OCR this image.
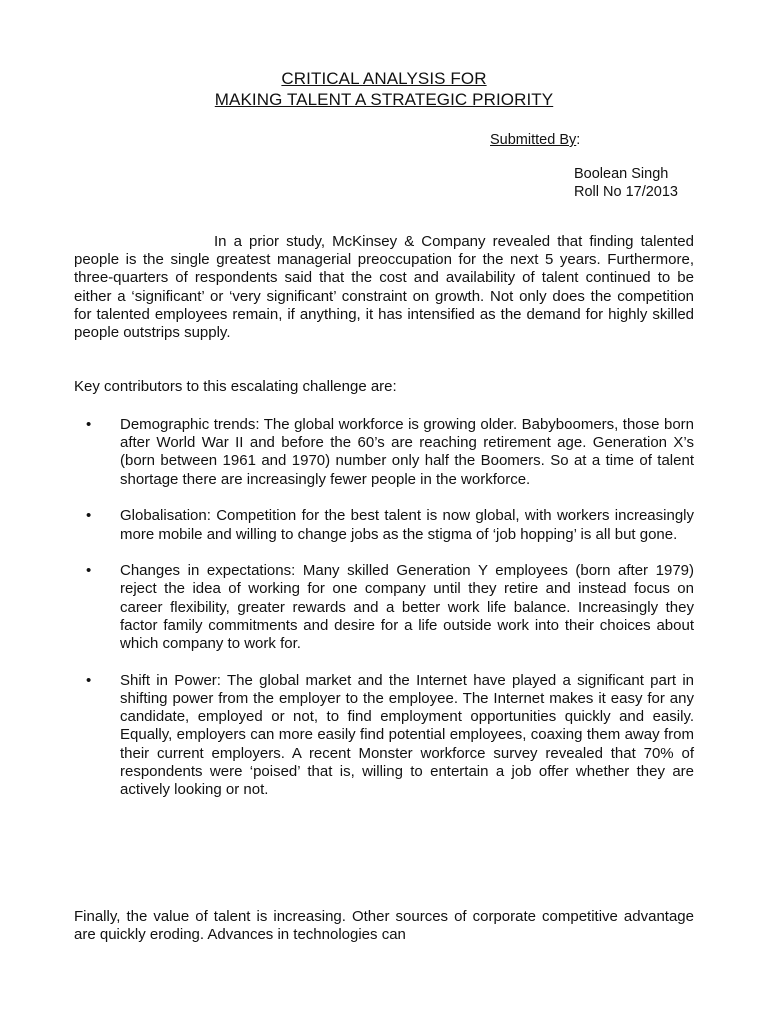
CRITICAL ANALYSIS FOR
MAKING TALENT A STRATEGIC PRIORITY
Submitted By:
Boolean Singh
Roll No 17/2013
In a prior study, McKinsey & Company revealed that finding talented people is the single greatest managerial preoccupation for the next 5 years. Furthermore, three-quarters of respondents said that the cost and availability of talent continued to be either a ‘significant’ or ‘very significant’ constraint on growth. Not only does the competition for talented employees remain, if anything, it has intensified as the demand for highly skilled people outstrips supply.
Key contributors to this escalating challenge are:
• Demographic trends: The global workforce is growing older. Babyboomers, those born after World War II and before the 60’s are reaching retirement age. Generation X’s (born between 1961 and 1970) number only half the Boomers. So at a time of talent shortage there are increasingly fewer people in the workforce.
• Globalisation: Competition for the best talent is now global, with workers increasingly more mobile and willing to change jobs as the stigma of ‘job hopping’ is all but gone.
• Changes in expectations: Many skilled Generation Y employees (born after 1979) reject the idea of working for one company until they retire and instead focus on career flexibility, greater rewards and a better work life balance. Increasingly they factor family commitments and desire for a life outside work into their choices about which company to work for.
• Shift in Power: The global market and the Internet have played a significant part in shifting power from the employer to the employee. The Internet makes it easy for any candidate, employed or not, to find employment opportunities quickly and easily. Equally, employers can more easily find potential employees, coaxing them away from their current employers. A recent Monster workforce survey revealed that 70% of respondents were ‘poised’ that is, willing to entertain a job offer whether they are actively looking or not.
Finally, the value of talent is increasing. Other sources of corporate competitive advantage are quickly eroding. Advances in technologies can
